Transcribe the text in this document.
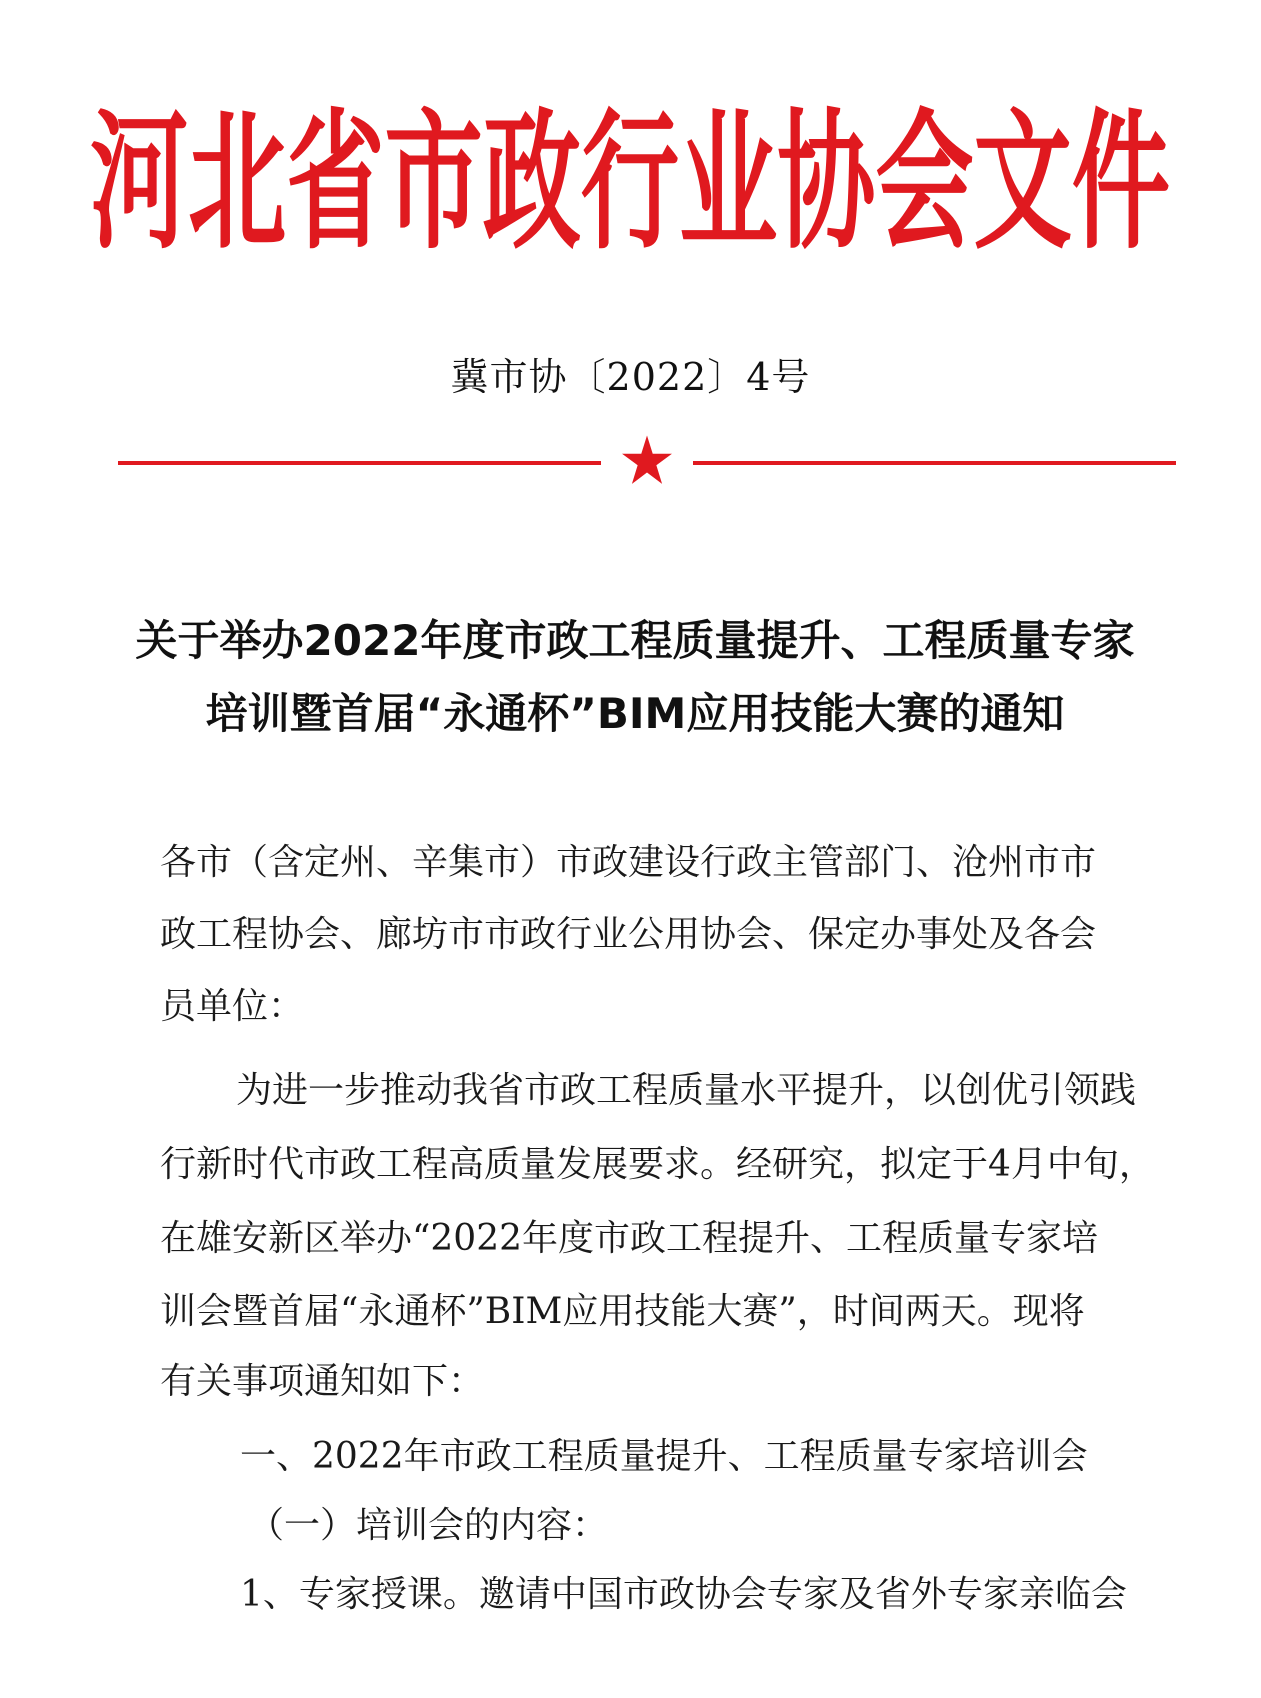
河北省市政行业协会文件
冀市协〔2022〕4号
关于举办2022年度市政工程质量提升、工程质量专家
培训暨首届“永通杯”BIM应用技能大赛的通知
各市（含定州、辛集市）市政建设行政主管部门、沧州市市
政工程协会、廊坊市市政行业公用协会、保定办事处及各会
员单位：
为进一步推动我省市政工程质量水平提升，以创优引领践
行新时代市政工程高质量发展要求。经研究，拟定于4月中旬，
在雄安新区举办“2022年度市政工程提升、工程质量专家培
训会暨首届“永通杯”BIM应用技能大赛”，时间两天。现将
有关事项通知如下：
一、2022年市政工程质量提升、工程质量专家培训会
（一）培训会的内容：
1、专家授课。邀请中国市政协会专家及省外专家亲临会
